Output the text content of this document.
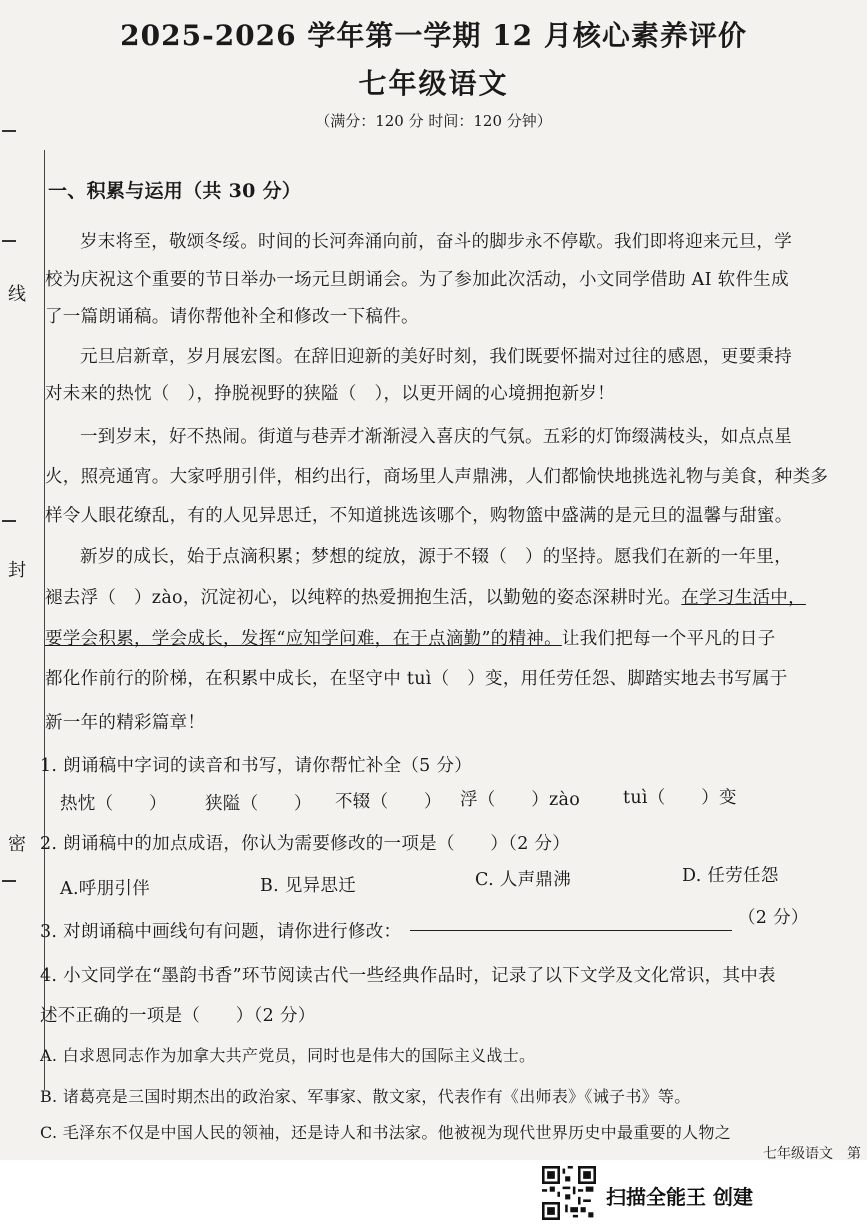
线
封
密
2025-2026 学年第一学期 12 月核心素养评价
七年级语文
（满分：120 分 时间：120 分钟）
一、积累与运用（共 30 分）
岁末将至，敬颂冬绥。时间的长河奔涌向前，奋斗的脚步永不停歇。我们即将迎来元旦，学
校为庆祝这个重要的节日举办一场元旦朗诵会。为了参加此次活动，小文同学借助 AI 软件生成
了一篇朗诵稿。请你帮他补全和修改一下稿件。
元旦启新章，岁月展宏图。在辞旧迎新的美好时刻，我们既要怀揣对过往的感恩，更要秉持
对未来的热忱（　），挣脱视野的狭隘（　），以更开阔的心境拥抱新岁！
一到岁末，好不热闹。街道与巷弄才渐渐浸入喜庆的气氛。五彩的灯饰缀满枝头，如点点星
火，照亮通宵。大家呼朋引伴，相约出行，商场里人声鼎沸，人们都愉快地挑选礼物与美食，种类多
样令人眼花缭乱，有的人见异思迁，不知道挑选该哪个，购物篮中盛满的是元旦的温馨与甜蜜。
新岁的成长，始于点滴积累；梦想的绽放，源于不辍（　）的坚持。愿我们在新的一年里，
褪去浮（　）zào，沉淀初心，以纯粹的热爱拥抱生活，以勤勉的姿态深耕时光。在学习生活中，
要学会积累，学会成长，发挥“应知学问难，在于点滴勤”的精神。让我们把每一个平凡的日子
都化作前行的阶梯，在积累中成长，在坚守中 tuì（　）变，用任劳任怨、脚踏实地去书写属于
新一年的精彩篇章！
1. 朗诵稿中字词的读音和书写，请你帮忙补全（5 分）
热忱（　　） 狭隘（　　） 不辍（　　） 浮（　　）zào tuì（　　）变
2. 朗诵稿中的加点成语，你认为需要修改的一项是（　　）（2 分）
A.呼朋引伴	B. 见异思迁	C. 人声鼎沸	D. 任劳任怨
3. 对朗诵稿中画线句有问题，请你进行修改：
（2 分）
4. 小文同学在“墨韵书香”环节阅读古代一些经典作品时，记录了以下文学及文化常识，其中表
述不正确的一项是（　　）（2 分）
A. 白求恩同志作为加拿大共产党员，同时也是伟大的国际主义战士。
B. 诸葛亮是三国时期杰出的政治家、军事家、散文家，代表作有《出师表》《诫子书》等。
C. 毛泽东不仅是中国人民的领袖，还是诗人和书法家。他被视为现代世界历史中最重要的人物之
七年级语文　第
扫描全能王 创建
